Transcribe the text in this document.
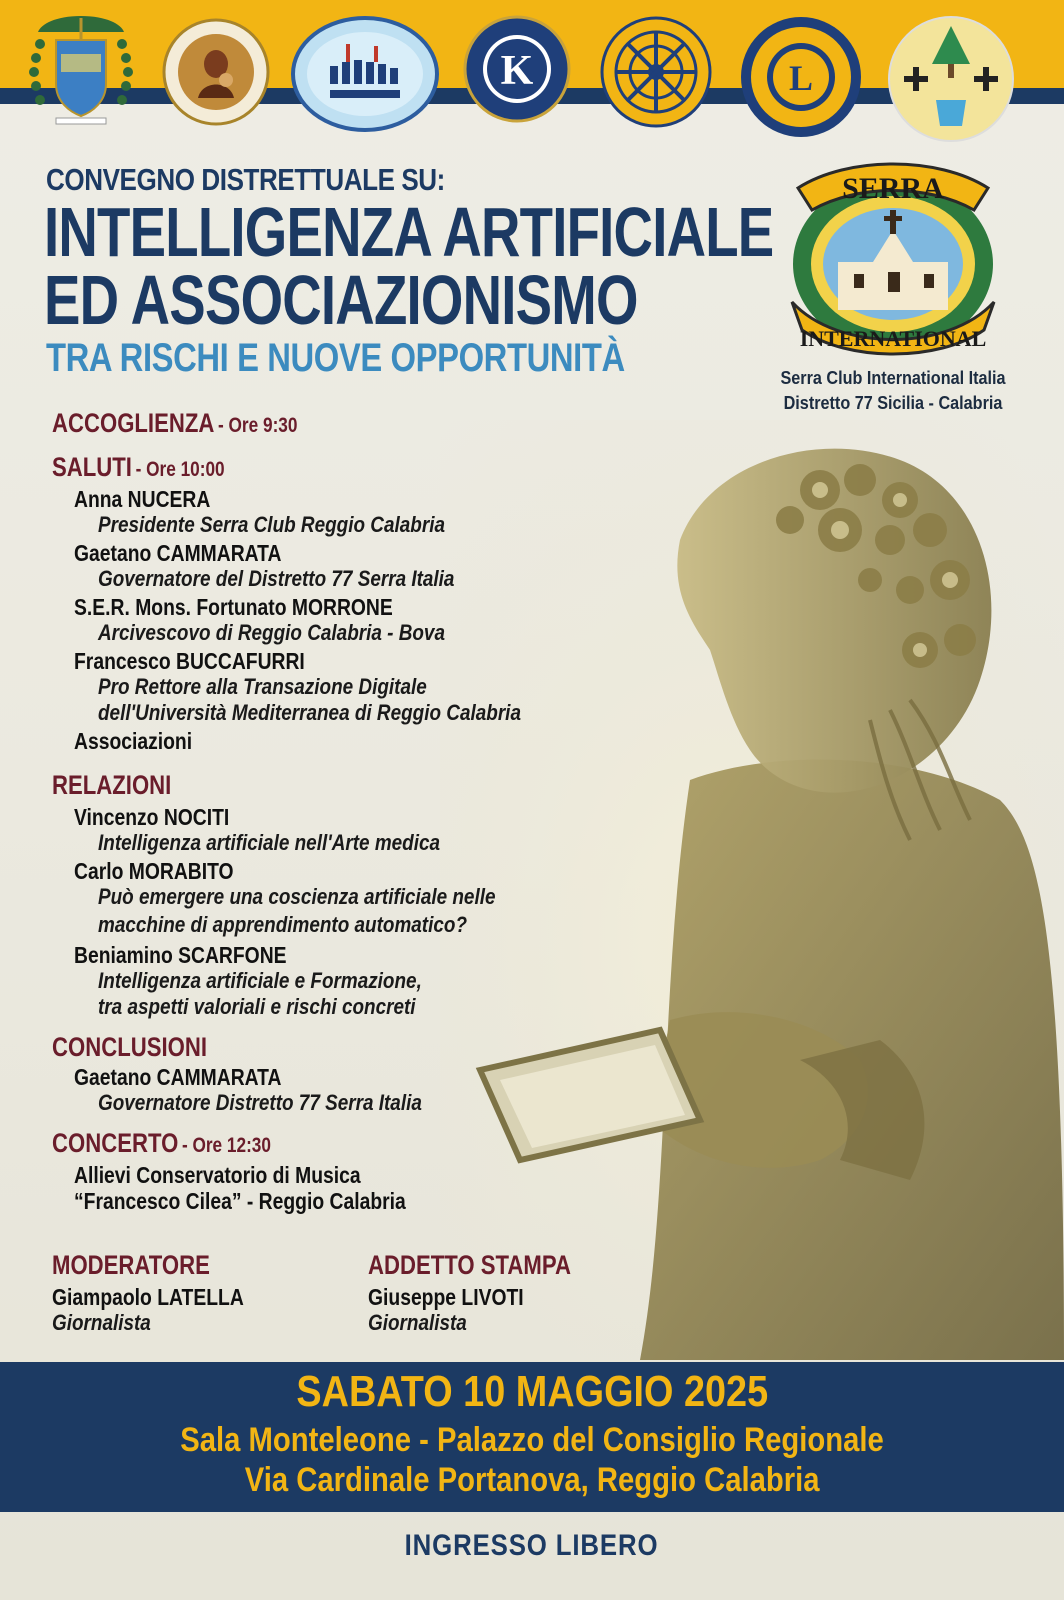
K	L
CONVEGNO DISTRETTUALE SU:
INTELLIGENZA ARTIFICIALE
ED ASSOCIAZIONISMO
TRA RISCHI E NUOVE OPPORTUNITÀ
SERRA
INTERNATIONAL
Serra Club International Italia
Distretto 77 Sicilia - Calabria
ACCOGLIENZA - Ore 9:30
SALUTI - Ore 10:00
Anna NUCERA
Presidente Serra Club Reggio Calabria
Gaetano CAMMARATA
Governatore del Distretto 77 Serra Italia
S.E.R. Mons. Fortunato MORRONE
Arcivescovo di Reggio Calabria - Bova
Francesco BUCCAFURRI
Pro Rettore alla Transazione Digitale
dell'Università Mediterranea di Reggio Calabria
Associazioni
RELAZIONI
Vincenzo NOCITI
Intelligenza artificiale nell'Arte medica
Carlo MORABITO
Può emergere una coscienza artificiale nelle
macchine di apprendimento automatico?
Beniamino SCARFONE
Intelligenza artificiale e Formazione,
tra aspetti valoriali e rischi concreti
CONCLUSIONI
Gaetano CAMMARATA
Governatore Distretto 77 Serra Italia
CONCERTO - Ore 12:30
Allievi Conservatorio di Musica
“Francesco Cilea” - Reggio Calabria
MODERATORE
Giampaolo LATELLA
Giornalista
ADDETTO STAMPA
Giuseppe LIVOTI
Giornalista
SABATO 10 MAGGIO 2025
Sala Monteleone - Palazzo del Consiglio Regionale
Via Cardinale Portanova, Reggio Calabria
INGRESSO LIBERO
